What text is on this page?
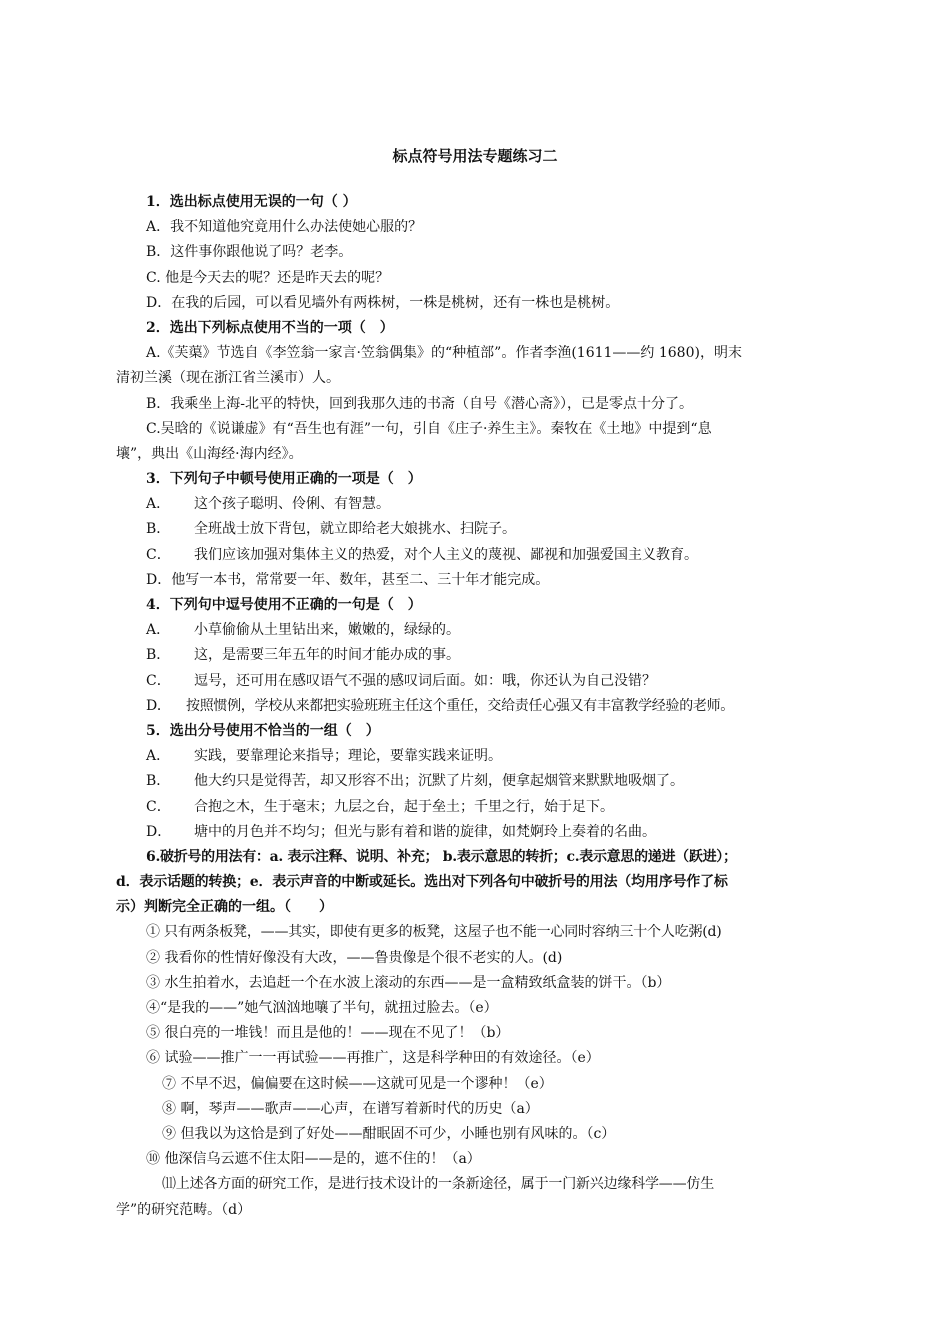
标点符号用法专题练习二
1．选出标点使用无误的一句（ ）
A．我不知道他究竟用什么办法使她心服的？
B．这件事你跟他说了吗？老李。
C. 他是今天去的呢？还是昨天去的呢？
D．在我的后园，可以看见墙外有两株树，一株是桃树，还有一株也是桃树。
2．选出下列标点使用不当的一项（　）
A.《芙蕖》节选自《李笠翁一家言·笠翁偶集》的“种植部”。作者李渔(1611——约 1680)，明末
清初兰溪（现在浙江省兰溪市）人。
B．我乘坐上海-北平的特快，回到我那久违的书斋（自号《潜心斋》），已是零点十分了。
C.吴晗的《说谦虚》有“吾生也有涯”一句，引自《庄子·养生主》。秦牧在《土地》中提到“息
壤”，典出《山海经·海内经》。
3．下列句子中顿号使用正确的一项是（　）
A． 这个孩子聪明、伶俐、有智慧。
B． 全班战士放下背包，就立即给老大娘挑水、扫院子。
C． 我们应该加强对集体主义的热爱，对个人主义的蔑视、鄙视和加强爱国主义教育。
D．他写一本书，常常要一年、数年，甚至二、三十年才能完成。
4．下列句中逗号使用不正确的一句是（　）
A． 小草偷偷从土里钻出来，嫩嫩的，绿绿的。
B． 这，是需要三年五年的时间才能办成的事。
C． 逗号，还可用在感叹语气不强的感叹词后面。如：哦，你还认为自己没错？
D． 按照惯例，学校从来都把实验班班主任这个重任，交给责任心强又有丰富教学经验的老师。
5．选出分号使用不恰当的一组（　）
A． 实践，要靠理论来指导；理论，要靠实践来证明。
B． 他大约只是觉得苦，却又形容不出；沉默了片刻，便拿起烟管来默默地吸烟了。
C． 合抱之木，生于毫末；九层之台，起于垒土；千里之行，始于足下。
D． 塘中的月色并不均匀；但光与影有着和谐的旋律，如梵婀玲上奏着的名曲。
6.破折号的用法有：a. 表示注释、说明、补充； b.表示意思的转折；c.表示意思的递进（跃进）；
d．表示话题的转换；e．表示声音的中断或延长。选出对下列各句中破折号的用法（均用序号作了标
示）判断完全正确的一组。（　　）
① 只有两条板凳，——其实，即使有更多的板凳，这屋子也不能一心同时容纳三十个人吃粥(d)
② 我看你的性情好像没有大改，——鲁贵像是个很不老实的人。(d)
③ 水生拍着水，去追赶一个在水波上滚动的东西——是一盒精致纸盒装的饼干。（b）
④“是我的——”她气汹汹地嚷了半句，就扭过脸去。（e）
⑤ 很白亮的一堆钱！而且是他的！——现在不见了！（b）
⑥ 试验——推广一一再试验——再推广，这是科学种田的有效途径。（e）
⑦ 不早不迟，偏偏要在这时候——这就可见是一个谬种！（e）
⑧ 啊，琴声——歌声——心声，在谱写着新时代的历史（a）
⑨ 但我以为这恰是到了好处——酣眠固不可少，小睡也别有风味的。（c）
⑩ 他深信乌云遮不住太阳——是的，遮不住的！（a）
⑾上述各方面的研究工作，是进行技术设计的一条新途径，属于一门新兴边缘科学——仿生
学”的研究范畴。（d）
